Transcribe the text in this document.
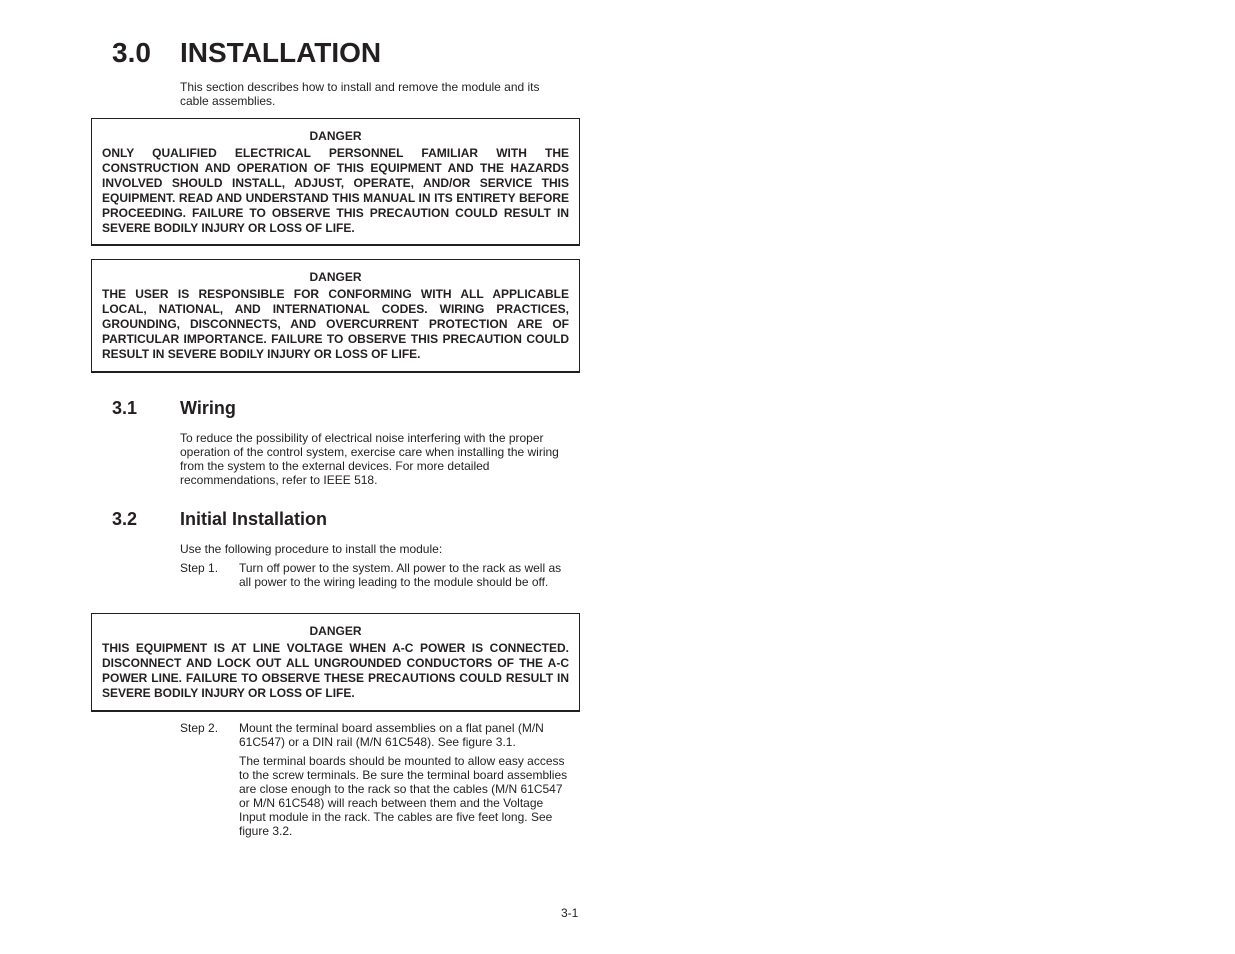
3.0 INSTALLATION
This section describes how to install and remove the module and its cable assemblies.
DANGER
ONLY QUALIFIED ELECTRICAL PERSONNEL FAMILIAR WITH THE CONSTRUCTION AND OPERATION OF THIS EQUIPMENT AND THE HAZARDS INVOLVED SHOULD INSTALL, ADJUST, OPERATE, AND/OR SERVICE THIS EQUIPMENT. READ AND UNDERSTAND THIS MANUAL IN ITS ENTIRETY BEFORE PROCEEDING. FAILURE TO OBSERVE THIS PRECAUTION COULD RESULT IN SEVERE BODILY INJURY OR LOSS OF LIFE.
DANGER
THE USER IS RESPONSIBLE FOR CONFORMING WITH ALL APPLICABLE LOCAL, NATIONAL, AND INTERNATIONAL CODES. WIRING PRACTICES, GROUNDING, DISCONNECTS, AND OVERCURRENT PROTECTION ARE OF PARTICULAR IMPORTANCE. FAILURE TO OBSERVE THIS PRECAUTION COULD RESULT IN SEVERE BODILY INJURY OR LOSS OF LIFE.
3.1 Wiring
To reduce the possibility of electrical noise interfering with the proper operation of the control system, exercise care when installing the wiring from the system to the external devices. For more detailed recommendations, refer to IEEE 518.
3.2 Initial Installation
Use the following procedure to install the module:
Step 1. Turn off power to the system. All power to the rack as well as all power to the wiring leading to the module should be off.
DANGER
THIS EQUIPMENT IS AT LINE VOLTAGE WHEN A-C POWER IS CONNECTED. DISCONNECT AND LOCK OUT ALL UNGROUNDED CONDUCTORS OF THE A-C POWER LINE. FAILURE TO OBSERVE THESE PRECAUTIONS COULD RESULT IN SEVERE BODILY INJURY OR LOSS OF LIFE.
Step 2. Mount the terminal board assemblies on a flat panel (M/N 61C547) or a DIN rail (M/N 61C548). See figure 3.1.
The terminal boards should be mounted to allow easy access to the screw terminals. Be sure the terminal board assemblies are close enough to the rack so that the cables (M/N 61C547 or M/N 61C548) will reach between them and the Voltage Input module in the rack. The cables are five feet long. See figure 3.2.
3-1
